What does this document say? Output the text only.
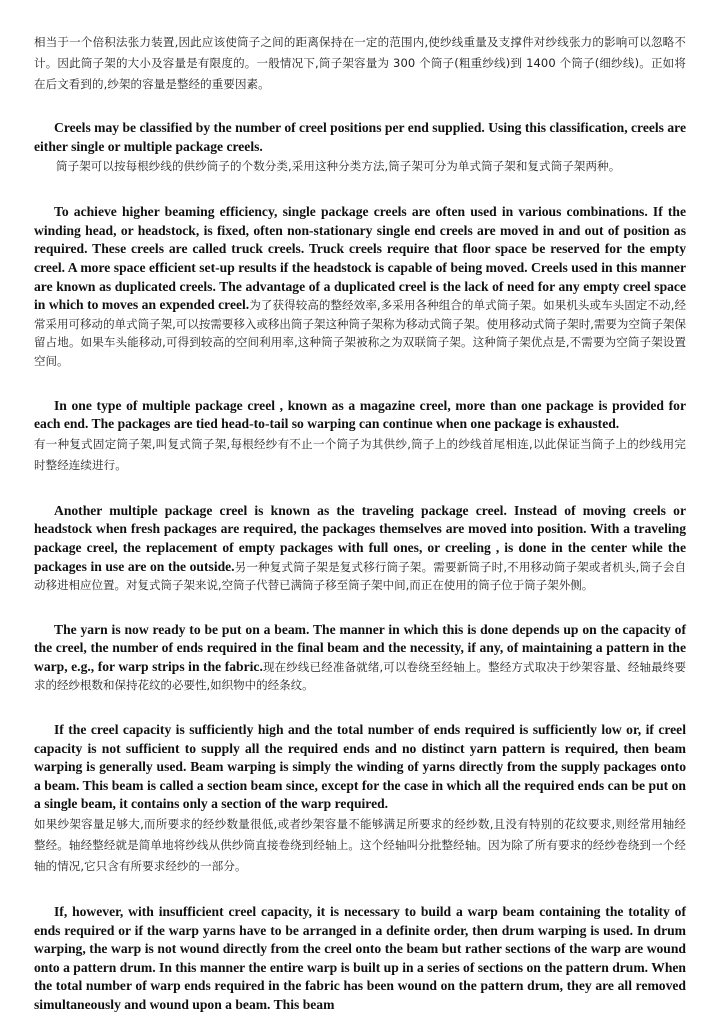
相当于一个倍积法张力装置,因此应该使筒子之间的距离保持在一定的范围内,使纱线重量及支撑件对纱线张力的影响可以忽略不计。因此筒子架的大小及容量是有限度的。一般情况下,筒子架容量为 300 个筒子(粗重纱线)到 1400 个筒子(细纱线)。正如将在后文看到的,纱架的容量是整经的重要因素。

Creels may be classified by the number of creel positions per end supplied. Using this classification, creels are either single or multiple package creels.

筒子架可以按每根纱线的供纱筒子的个数分类,采用这种分类方法,筒子架可分为单式筒子架和复式筒子架两种。

To achieve higher beaming efficiency, single package creels are often used in various combinations. If the winding head, or headstock, is fixed, often non-stationary single end creels are moved in and out of position as required. These creels are called truck creels. Truck creels require that floor space be reserved for the empty creel. A more space efficient set-up results if the headstock is capable of being moved. Creels used in this manner are known as duplicated creels. The advantage of a duplicated creel is the lack of need for any empty creel space in which to moves an expended creel.为了获得较高的整经效率,多采用各种组合的单式筒子架。如果机头或车头固定不动,经常采用可移动的单式筒子架,可以按需要移入或移出筒子架这种筒子架称为移动式筒子架。使用移动式筒子架时,需要为空筒子架保留占地。如果车头能移动,可得到较高的空间利用率,这种筒子架被称之为双联筒子架。这种筒子架优点是,不需要为空筒子架设置空间。

In one type of multiple package creel , known as a magazine creel, more than one package is provided for each end. The packages are tied head-to-tail so warping can continue when one package is exhausted.

有一种复式固定筒子架,叫复式筒子架,每根经纱有不止一个筒子为其供纱,筒子上的纱线首尾相连,以此保证当筒子上的纱线用完时整经连续进行。

Another multiple package creel is known as the traveling package creel. Instead of moving creels or headstock when fresh packages are required, the packages themselves are moved into position. With a traveling package creel, the replacement of empty packages with full ones, or creeling , is done in the center while the packages in use are on the outside.另一种复式筒子架是复式移行筒子架。需要新筒子时,不用移动筒子架或者机头,筒子会自动移进相应位置。对复式筒子架来说,空筒子代替已满筒子移至筒子架中间,而正在使用的筒子位于筒子架外侧。

The yarn is now ready to be put on a beam. The manner in which this is done depends up on the capacity of the creel, the number of ends required in the final beam and the necessity, if any, of maintaining a pattern in the warp, e.g., for warp strips in the fabric.现在纱线已经准备就绪,可以卷绕至经轴上。整经方式取决于纱架容量、经轴最终要求的经纱根数和保持花纹的必要性,如织物中的经条纹。

If the creel capacity is sufficiently high and the total number of ends required is sufficiently low or, if creel capacity is not sufficient to supply all the required ends and no distinct yarn pattern is required, then beam warping is generally used. Beam warping is simply the winding of yarns directly from the supply packages onto a beam. This beam is called a section beam since, except for the case in which all the required ends can be put on a single beam, it contains only a section of the warp required.

如果纱架容量足够大,而所要求的经纱数量很低,或者纱架容量不能够满足所要求的经纱数,且没有特别的花纹要求,则经常用轴经整经。轴经整经就是简单地将纱线从供纱筒直接卷绕到经轴上。这个经轴叫分批整经轴。因为除了所有要求的经纱卷绕到一个经轴的情况,它只含有所要求经纱的一部分。

If, however, with insufficient creel capacity, it is necessary to build a warp beam containing the totality of ends required or if the warp yarns have to be arranged in a definite order, then drum warping is used. In drum warping, the warp is not wound directly from the creel onto the beam but rather sections of the warp are wound onto a pattern drum. In this manner the entire warp is built up in a series of sections on the pattern drum. When the total number of warp ends required in the fabric has been wound on the pattern drum, they are all removed simultaneously and wound upon a beam. This beam
